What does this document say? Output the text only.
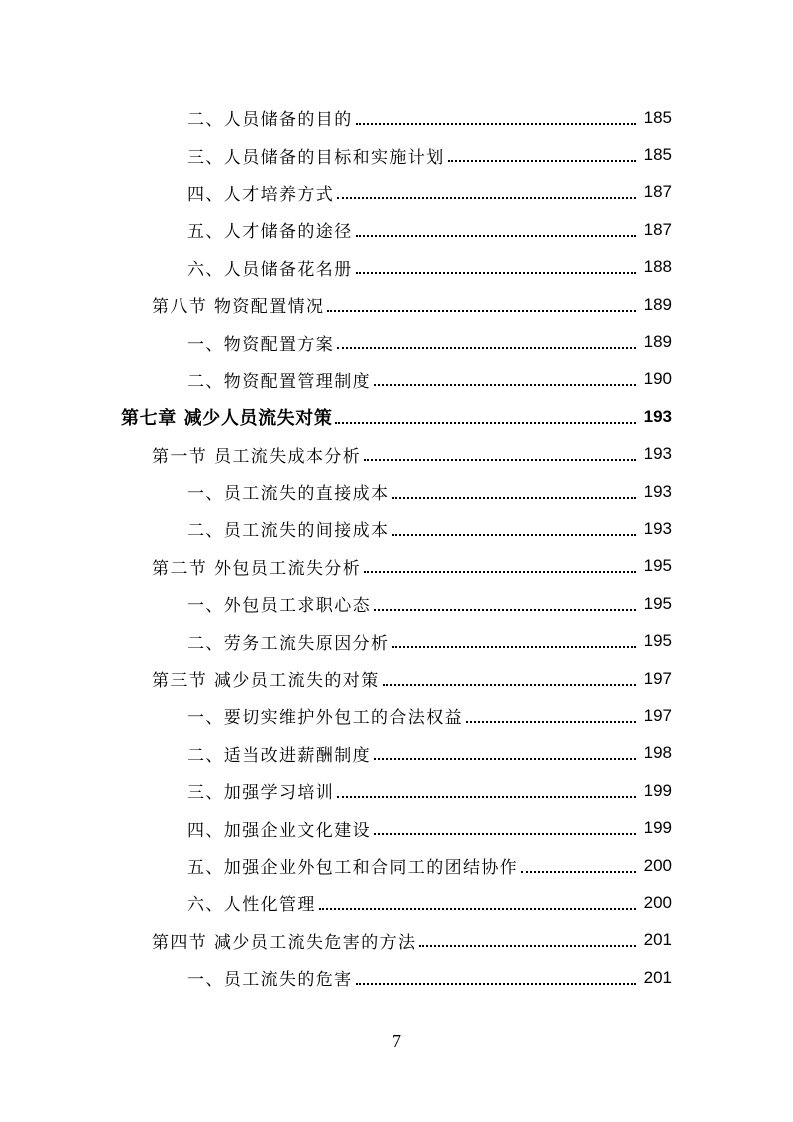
二、人员储备的目的	185
三、人员储备的目标和实施计划	185
四、人才培养方式	187
五、人才储备的途径	187
六、人员储备花名册	188
第八节 物资配置情况	189
一、物资配置方案	189
二、物资配置管理制度	190
第七章 减少人员流失对策	193
第一节 员工流失成本分析	193
一、员工流失的直接成本	193
二、员工流失的间接成本	193
第二节 外包员工流失分析	195
一、外包员工求职心态	195
二、劳务工流失原因分析	195
第三节 减少员工流失的对策	197
一、要切实维护外包工的合法权益	197
二、适当改进薪酬制度	198
三、加强学习培训	199
四、加强企业文化建设	199
五、加强企业外包工和合同工的团结协作	200
六、人性化管理	200
第四节 减少员工流失危害的方法	201
一、员工流失的危害	201
7
